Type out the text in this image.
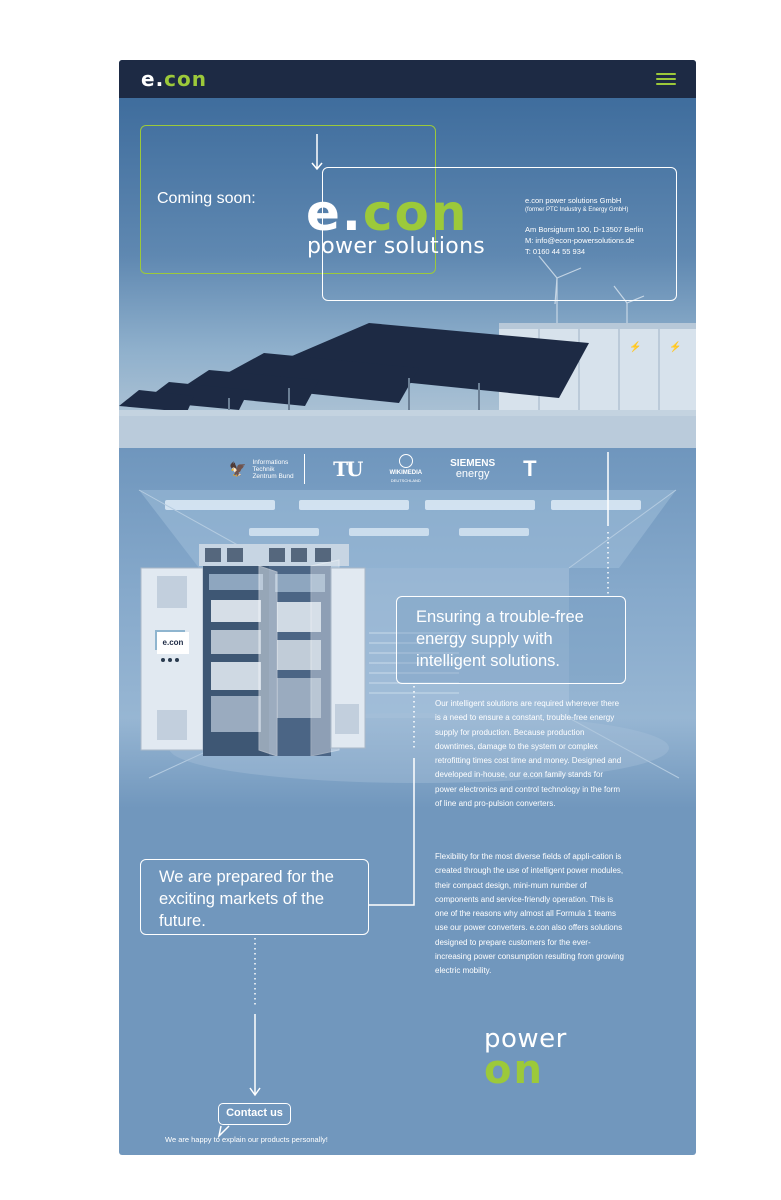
e.con
⚡	⚡
Coming soon: e.con
power solutions
e.con power solutions GmbH
(former PTC Industry & Energy GmbH)
Am Borsigturm 100, D-13507 Berlin
M: info@econ-powersolutions.de
T: 0160 44 55 934
e.con
🦅 Informations
Technik
Zentrum Bund TU	WIKIMEDIA
DEUTSCHLAND
SIEMENS
energy T

Ensuring a trouble-free energy supply with intelligent solutions.

Our intelligent solutions are required wherever there is a need to ensure a constant, trouble-free energy supply for production. Because production downtimes, damage to the system or complex retrofitting times cost time and money. Designed and developed in-house, our e.con family stands for power electronics and control technology in the form of line and pro-pulsion converters.

Flexibility for the most diverse fields of appli-cation is created through the use of intelligent power modules, their compact design, mini-mum number of components and service-friendly operation. This is one of the reasons why almost all Formula 1 teams use our power converters. e.con also offers solutions designed to prepare customers for the ever-increasing power consumption resulting from growing electric mobility.

We are prepared for the exciting markets of the future.

power
on
Contact us
We are happy to explain our products personally!
